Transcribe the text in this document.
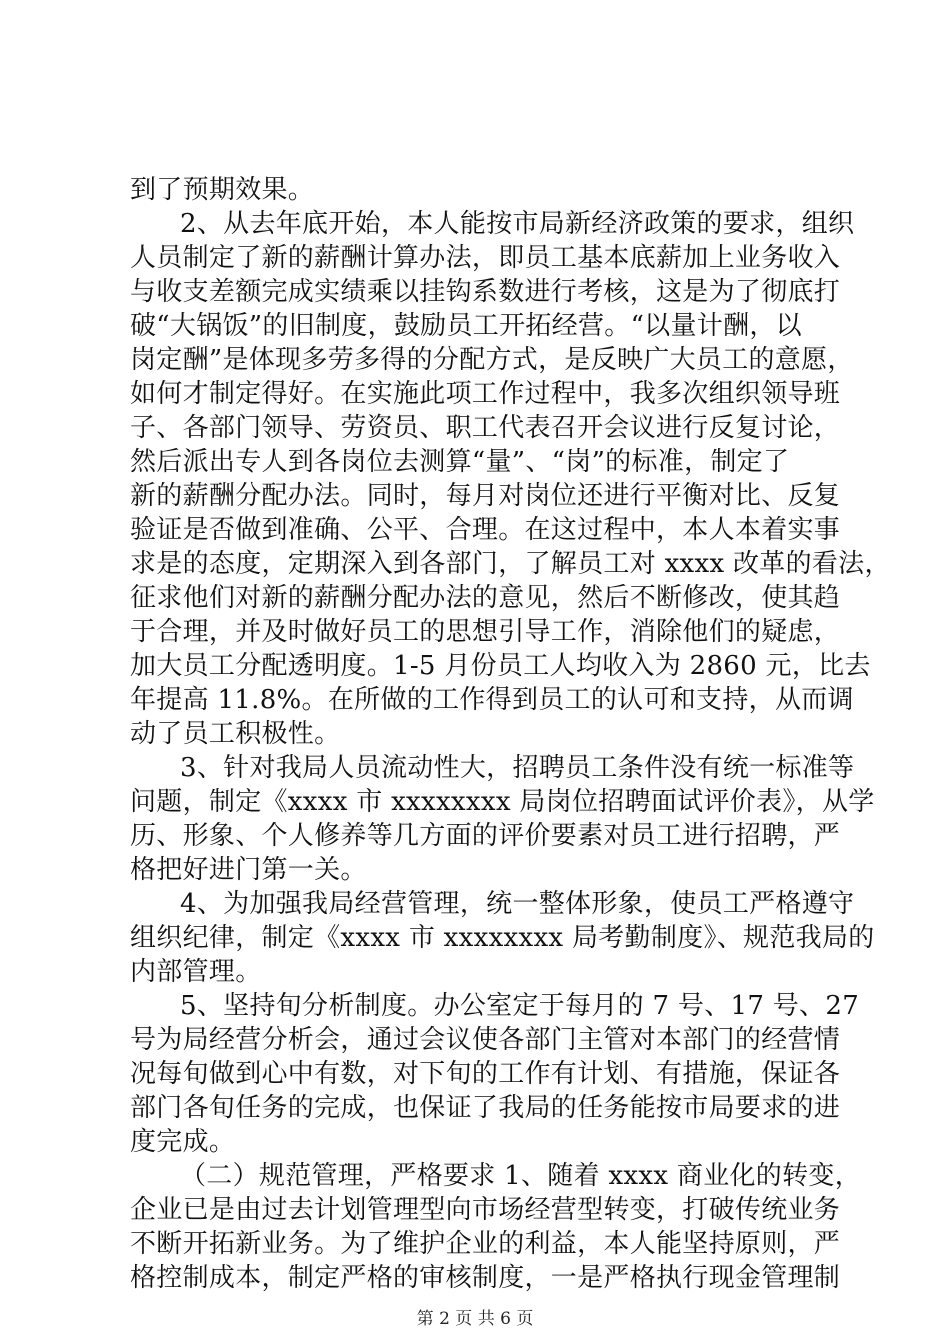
到了预期效果。
2、从去年底开始，本人能按市局新经济政策的要求，组织
人员制定了新的薪酬计算办法，即员工基本底薪加上业务收入
与收支差额完成实绩乘以挂钩系数进行考核，这是为了彻底打
破“大锅饭”的旧制度，鼓励员工开拓经营。“以量计酬，以
岗定酬”是体现多劳多得的分配方式，是反映广大员工的意愿，
如何才制定得好。在实施此项工作过程中，我多次组织领导班
子、各部门领导、劳资员、职工代表召开会议进行反复讨论，
然后派出专人到各岗位去测算“量”、“岗”的标准，制定了
新的薪酬分配办法。同时，每月对岗位还进行平衡对比、反复
验证是否做到准确、公平、合理。在这过程中，本人本着实事
求是的态度，定期深入到各部门，了解员工对 xxxx 改革的看法，
征求他们对新的薪酬分配办法的意见，然后不断修改，使其趋
于合理，并及时做好员工的思想引导工作，消除他们的疑虑，
加大员工分配透明度。1-5 月份员工人均收入为 2860 元，比去
年提高 11.8%。在所做的工作得到员工的认可和支持，从而调
动了员工积极性。
3、针对我局人员流动性大，招聘员工条件没有统一标准等
问题，制定《xxxx 市 xxxxxxxx 局岗位招聘面试评价表》，从学
历、形象、个人修养等几方面的评价要素对员工进行招聘，严
格把好进门第一关。
4、为加强我局经营管理，统一整体形象，使员工严格遵守
组织纪律，制定《xxxx 市 xxxxxxxx 局考勤制度》、规范我局的
内部管理。
5、坚持旬分析制度。办公室定于每月的 7 号、17 号、27
号为局经营分析会，通过会议使各部门主管对本部门的经营情
况每旬做到心中有数，对下旬的工作有计划、有措施，保证各
部门各旬任务的完成，也保证了我局的任务能按市局要求的进
度完成。
（二）规范管理，严格要求 1、随着 xxxx 商业化的转变，
企业已是由过去计划管理型向市场经营型转变，打破传统业务
不断开拓新业务。为了维护企业的利益，本人能坚持原则，严
格控制成本，制定严格的审核制度，一是严格执行现金管理制
第 2 页 共 6 页
